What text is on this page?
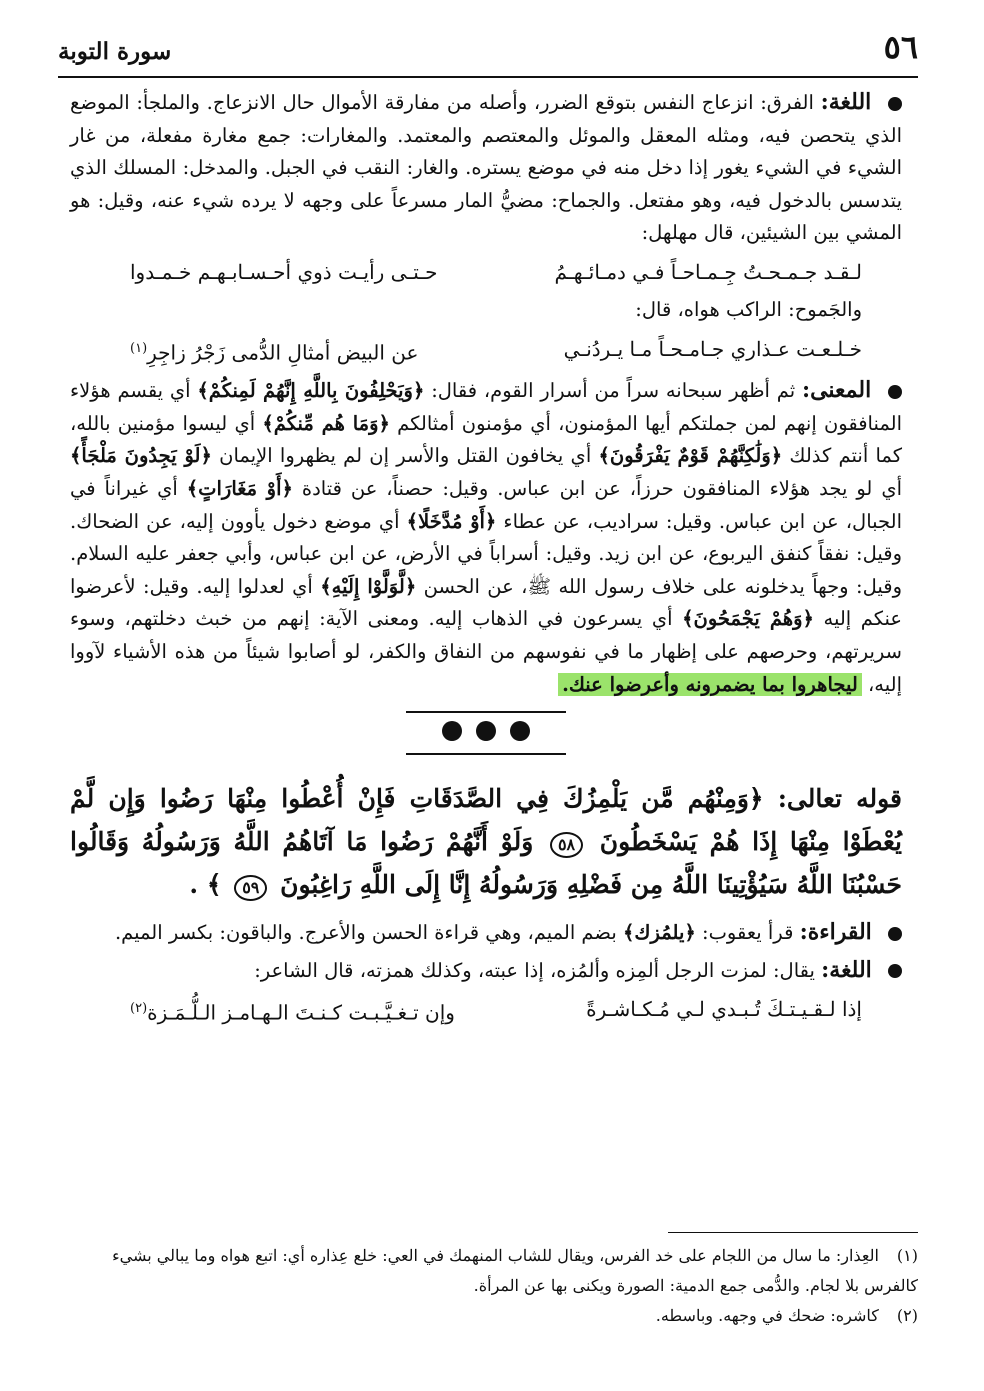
٥٦
سورة التوبة

اللغة: الفرق: انزعاج النفس بتوقع الضرر، وأصله من مفارقة الأموال حال الانزعاج. والملجأ: الموضع الذي يتحصن فيه، ومثله المعقل والموئل والمعتصم والمعتمد. والمغارات: جمع مغارة مفعلة، من غار الشيء في الشيء يغور إذا دخل منه في موضع يستره. والغار: النقب في الجبل. والمدخل: المسلك الذي يتدسس بالدخول فيه، وهو مفتعل. والجماح: مضيُّ المار مسرعاً على وجهه لا يرده شيء عنه، وقيل: هو المشي بين الشيئين، قال مهلهل:

لـقـد جـمـحـتُ جِـمـاحـاً فـي دمـائـهـمُ
حـتـى رأيـت ذوي أحـسـابـهـم خـمـدوا

والجَموح: الراكب هواه، قال:

خـلـعـت عـذاري جـامـحـاً مـا يـردُنـي
عن البيض أمثالِ الدُّمى زَجْرُ زاجِرِ$^{(١)}$

المعنى: ثم أظهر سبحانه سراً من أسرار القوم، فقال: ﴿وَيَحْلِفُونَ بِاللَّهِ إِنَّهُمْ لَمِنكُمْ﴾ أي يقسم هؤلاء المنافقون إنهم لمن جملتكم أيها المؤمنون، أي مؤمنون أمثالكم ﴿وَمَا هُم مِّنكُمْ﴾ أي ليسوا مؤمنين بالله، كما أنتم كذلك ﴿وَلَٰكِنَّهُمْ قَوْمٌ يَفْرَقُونَ﴾ أي يخافون القتل والأسر إن لم يظهروا الإيمان ﴿لَوْ يَجِدُونَ مَلْجَأً﴾ أي لو يجد هؤلاء المنافقون حرزاً، عن ابن عباس. وقيل: حصناً، عن قتادة ﴿أَوْ مَغَارَاتٍ﴾ أي غيراناً في الجبال، عن ابن عباس. وقيل: سراديب، عن عطاء ﴿أَوْ مُدَّخَلًا﴾ أي موضع دخول يأوون إليه، عن الضحاك. وقيل: نفقاً كنفق اليربوع، عن ابن زيد. وقيل: أسراباً في الأرض، عن ابن عباس، وأبي جعفر عليه السلام. وقيل: وجهاً يدخلونه على خلاف رسول الله ﷺ، عن الحسن ﴿لَّوَلَّوْا إِلَيْهِ﴾ أي لعدلوا إليه. وقيل: لأعرضوا عنكم إليه ﴿وَهُمْ يَجْمَحُونَ﴾ أي يسرعون في الذهاب إليه. ومعنى الآية: إنهم من خبث دخلتهم، وسوء سريرتهم، وحرصهم على إظهار ما في نفوسهم من النفاق والكفر، لو أصابوا شيئاً من هذه الأشياء لآووا إليه، ليجاهروا بما يضمرونه وأعرضوا عنك.

قوله تعالى: ﴿وَمِنْهُم مَّن يَلْمِزُكَ فِي الصَّدَقَاتِ فَإِنْ أُعْطُوا مِنْهَا رَضُوا وَإِن لَّمْ يُعْطَوْا مِنْهَا إِذَا هُمْ يَسْخَطُونَ ٥٨ وَلَوْ أَنَّهُمْ رَضُوا مَا آتَاهُمُ اللَّهُ وَرَسُولُهُ وَقَالُوا حَسْبُنَا اللَّهُ سَيُؤْتِينَا اللَّهُ مِن فَضْلِهِ وَرَسُولُهُ إِنَّا إِلَى اللَّهِ رَاغِبُونَ ٥٩ ﴾ .

القراءة: قرأ يعقوب: ﴿يلمُزك﴾ بضم الميم، وهي قراءة الحسن والأعرج. والباقون: بكسر الميم.

اللغة: يقال: لمزت الرجل ألمِزه وألمُزه، إذا عبته، وكذلك همزته، قال الشاعر:

إذا لـقـيـتـكَ تُـبـدي لـي مُـكـاشـرةً
وإن تـغـيَّـبـت كـنـتَ الـهـامـز الـلُّـمَـزة$^{(٢)}$

(١) العِذار: ما سال من اللجام على خد الفرس، ويقال للشاب المنهمك في العي: خلع عِذاره أي: اتبع هواه وما يبالي بشيء كالفرس بلا لجام. والدُّمى جمع الدمية: الصورة ويكنى بها عن المرأة.

(٢) كاشره: ضحك في وجهه. وباسطه.
